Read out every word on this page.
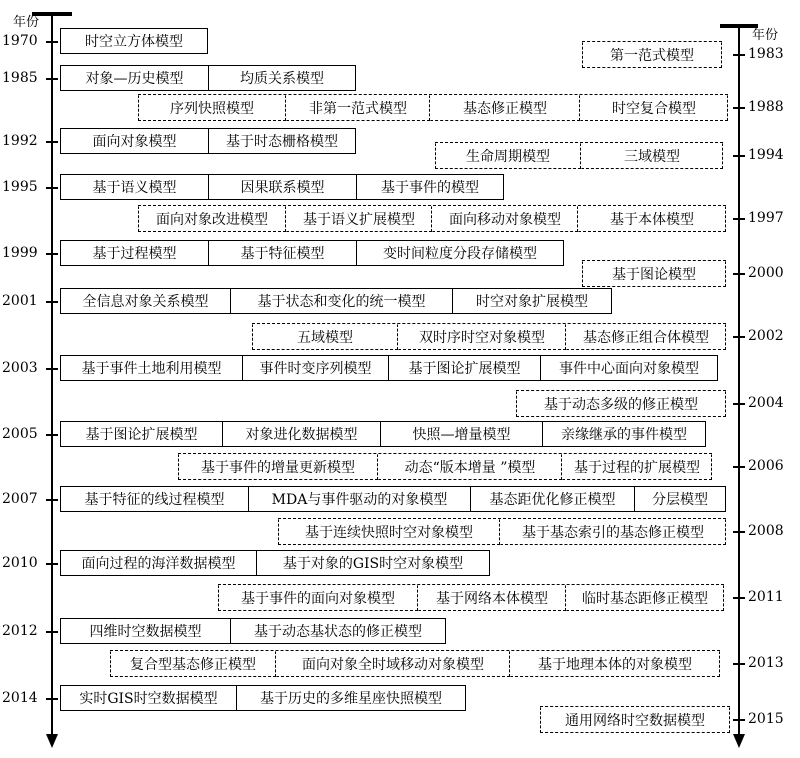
年份
年份
时空立方体模型
1970
第一范式模型	1983
对象—历史模型	均质关系模型
1985
序列快照模型	非第一范式模型	基态修正模型	时空复合模型	1988
面向对象模型	基于时态栅格模型
1992
生命周期模型	三域模型	1994
基于语义模型	因果联系模型	基于事件的模型
1995
面向对象改进模型	基于语义扩展模型	面向移动对象模型	基于本体模型	1997
基于过程模型	基于特征模型	变时间粒度分段存储模型
1999
基于图论模型	2000
全信息对象关系模型	基于状态和变化的统一模型	时空对象扩展模型
2001
五域模型	双时序时空对象模型	基态修正组合体模型	2002
基于事件土地利用模型	事件时变序列模型	基于图论扩展模型	事件中心面向对象模型
2003
基于动态多级的修正模型	2004
基于图论扩展模型	对象进化数据模型	快照—增量模型	亲缘继承的事件模型
2005
基于事件的增量更新模型	动态“版本增量 ”模型	基于过程的扩展模型	2006
基于特征的线过程模型	MDA与事件驱动的对象模型	基态距优化修正模型	分层模型
2007
基于连续快照时空对象模型	基于基态索引的基态修正模型	2008
面向过程的海洋数据模型	基于对象的GIS时空对象模型
2010
基于事件的面向对象模型	基于网络本体模型	临时基态距修正模型	2011
四维时空数据模型	基于动态基状态的修正模型
2012
复合型基态修正模型	面向对象全时域移动对象模型	基于地理本体的对象模型	2013
实时GIS时空数据模型	基于历史的多维星座快照模型
2014
通用网络时空数据模型	2015
